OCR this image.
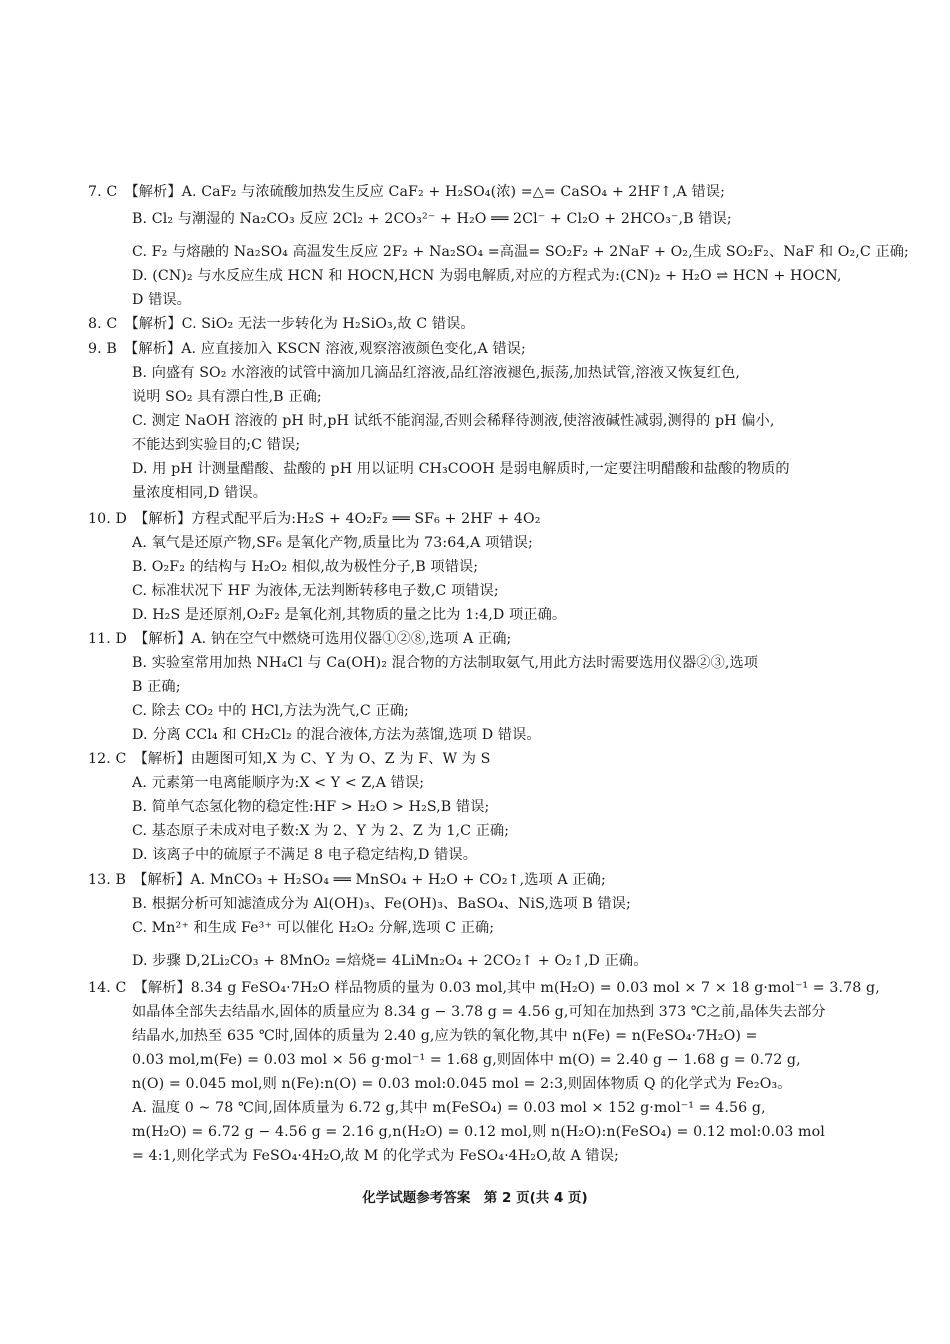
7. C　【解析】A. CaF₂ 与浓硫酸加热发生反应 CaF₂ + H₂SO₄(浓) =△= CaSO₄ + 2HF↑,A 错误;
B. Cl₂ 与潮湿的 Na₂CO₃ 反应 2Cl₂ + 2CO₃²⁻ + H₂O ══ 2Cl⁻ + Cl₂O + 2HCO₃⁻,B 错误;
C. F₂ 与熔融的 Na₂SO₄ 高温发生反应 2F₂ + Na₂SO₄ =高温= SO₂F₂ + 2NaF + O₂,生成 SO₂F₂、NaF 和 O₂,C 正确;
D. (CN)₂ 与水反应生成 HCN 和 HOCN,HCN 为弱电解质,对应的方程式为:(CN)₂ + H₂O ⇌ HCN + HOCN,
D 错误。
8. C　【解析】C. SiO₂ 无法一步转化为 H₂SiO₃,故 C 错误。
9. B　【解析】A. 应直接加入 KSCN 溶液,观察溶液颜色变化,A 错误;
B. 向盛有 SO₂ 水溶液的试管中滴加几滴品红溶液,品红溶液褪色,振荡,加热试管,溶液又恢复红色,
说明 SO₂ 具有漂白性,B 正确;
C. 测定 NaOH 溶液的 pH 时,pH 试纸不能润湿,否则会稀释待测液,使溶液碱性减弱,测得的 pH 偏小,
不能达到实验目的;C 错误;
D. 用 pH 计测量醋酸、盐酸的 pH 用以证明 CH₃COOH 是弱电解质时,一定要注明醋酸和盐酸的物质的
量浓度相同,D 错误。
10. D　【解析】方程式配平后为:H₂S + 4O₂F₂ ══ SF₆ + 2HF + 4O₂
A. 氧气是还原产物,SF₆ 是氧化产物,质量比为 73:64,A 项错误;
B. O₂F₂ 的结构与 H₂O₂ 相似,故为极性分子,B 项错误;
C. 标准状况下 HF 为液体,无法判断转移电子数,C 项错误;
D. H₂S 是还原剂,O₂F₂ 是氧化剂,其物质的量之比为 1:4,D 项正确。
11. D　【解析】A. 钠在空气中燃烧可选用仪器①②⑧,选项 A 正确;
B. 实验室常用加热 NH₄Cl 与 Ca(OH)₂ 混合物的方法制取氨气,用此方法时需要选用仪器②③,选项
B 正确;
C. 除去 CO₂ 中的 HCl,方法为洗气,C 正确;
D. 分离 CCl₄ 和 CH₂Cl₂ 的混合液体,方法为蒸馏,选项 D 错误。
12. C　【解析】由题图可知,X 为 C、Y 为 O、Z 为 F、W 为 S
A. 元素第一电离能顺序为:X < Y < Z,A 错误;
B. 简单气态氢化物的稳定性:HF > H₂O > H₂S,B 错误;
C. 基态原子未成对电子数:X 为 2、Y 为 2、Z 为 1,C 正确;
D. 该离子中的硫原子不满足 8 电子稳定结构,D 错误。
13. B　【解析】A. MnCO₃ + H₂SO₄ ══ MnSO₄ + H₂O + CO₂↑,选项 A 正确;
B. 根据分析可知滤渣成分为 Al(OH)₃、Fe(OH)₃、BaSO₄、NiS,选项 B 错误;
C. Mn²⁺ 和生成 Fe³⁺ 可以催化 H₂O₂ 分解,选项 C 正确;
D. 步骤 D,2Li₂CO₃ + 8MnO₂ =焙烧= 4LiMn₂O₄ + 2CO₂↑ + O₂↑,D 正确。
14. C　【解析】8.34 g FeSO₄·7H₂O 样品物质的量为 0.03 mol,其中 m(H₂O) = 0.03 mol × 7 × 18 g·mol⁻¹ = 3.78 g,
如晶体全部失去结晶水,固体的质量应为 8.34 g − 3.78 g = 4.56 g,可知在加热到 373 ℃之前,晶体失去部分
结晶水,加热至 635 ℃时,固体的质量为 2.40 g,应为铁的氧化物,其中 n(Fe) = n(FeSO₄·7H₂O) =
0.03 mol,m(Fe) = 0.03 mol × 56 g·mol⁻¹ = 1.68 g,则固体中 m(O) = 2.40 g − 1.68 g = 0.72 g,
n(O) = 0.045 mol,则 n(Fe):n(O) = 0.03 mol:0.045 mol = 2:3,则固体物质 Q 的化学式为 Fe₂O₃。
A. 温度 0 ~ 78 ℃间,固体质量为 6.72 g,其中 m(FeSO₄) = 0.03 mol × 152 g·mol⁻¹ = 4.56 g,
m(H₂O) = 6.72 g − 4.56 g = 2.16 g,n(H₂O) = 0.12 mol,则 n(H₂O):n(FeSO₄) = 0.12 mol:0.03 mol
= 4:1,则化学式为 FeSO₄·4H₂O,故 M 的化学式为 FeSO₄·4H₂O,故 A 错误;
化学试题参考答案　第 2 页(共 4 页)
